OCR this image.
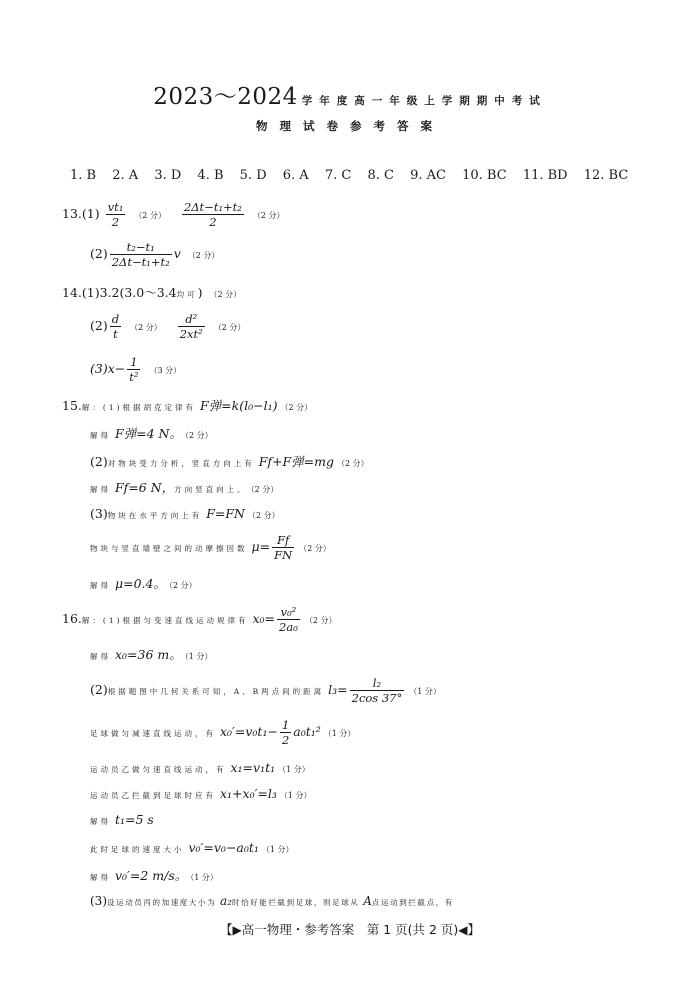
2023～2024 学年度高一年级上学期期中考试
物理试卷参考答案
1. B 2. A 3. D 4. B 5. D 6. A 7. C 8. C 9. AC 10. BC 11. BD 12. BC
$13.(1) \frac{\text{vt₁}}{2} (2$ 分） $\frac{\text{2Δt−t₁+t₂}}{2} (2$ 分）
$(2) \frac{\text{t₂−t₁}}{\text{2Δt−t₁+t₂}}$ v （2 分）
14.(1)3.2(3.0～3.4均可) （2 分）
$(2) \frac{d}{t} (2$ 分） $\frac{\text{d²}}{\text{2xt²}} (2$ 分）
$(3)x- \frac{1}{\text{t²}} (3$ 分）
15.解：(1)根据胡克定律有 F弹=k(l₀−l₁) （2 分）
解得 F弹=4 N。 （2 分）
(2)对物块受力分析，竖直方向上有 Ff+F弹=mg （2 分）
解得 Ff=6 N，方向竖直向上。 （2 分）
(3)物块在水平方向上有 F=FN （2 分）
物块与竖直墙壁之间的动摩擦因数 $\mu= \frac{Ff}{FN} (2$ 分）
解得 μ=0.4。 （2 分）
16.解：(1)根据匀变速直线运动规律有 $x_0= \frac{\text{v₀²}}{\text{2a₀}} (2$ 分）
解得 x₀=36 m。 （1 分）
(2)根据题图中几何关系可知，A、B两点间的距离 $l_3= \frac{\text{l₂}}{2\cos 37^\circ} (1$ 分）
足球做匀减速直线运动，有 $x_0'=v_0t_1- \frac{1}{2} a_0t_1^2$ （1 分）
运动员乙做匀速直线运动，有 x₁=v₁t₁ （1 分）
运动员乙拦截到足球时应有 x₁+x₀′=l₃ （1 分）
解得 t₁=5 s
此时足球的速度大小 v₀′=v₀−a₀t₁ （1 分）
解得 v₀′=2 m/s。 （1 分）
(3)设运动员丙的加速度大小为 a₂时恰好能拦截到足球，则足球从 A点运动到拦截点，有
【▶高一物理・参考答案　第 1 页(共 2 页)◀】
